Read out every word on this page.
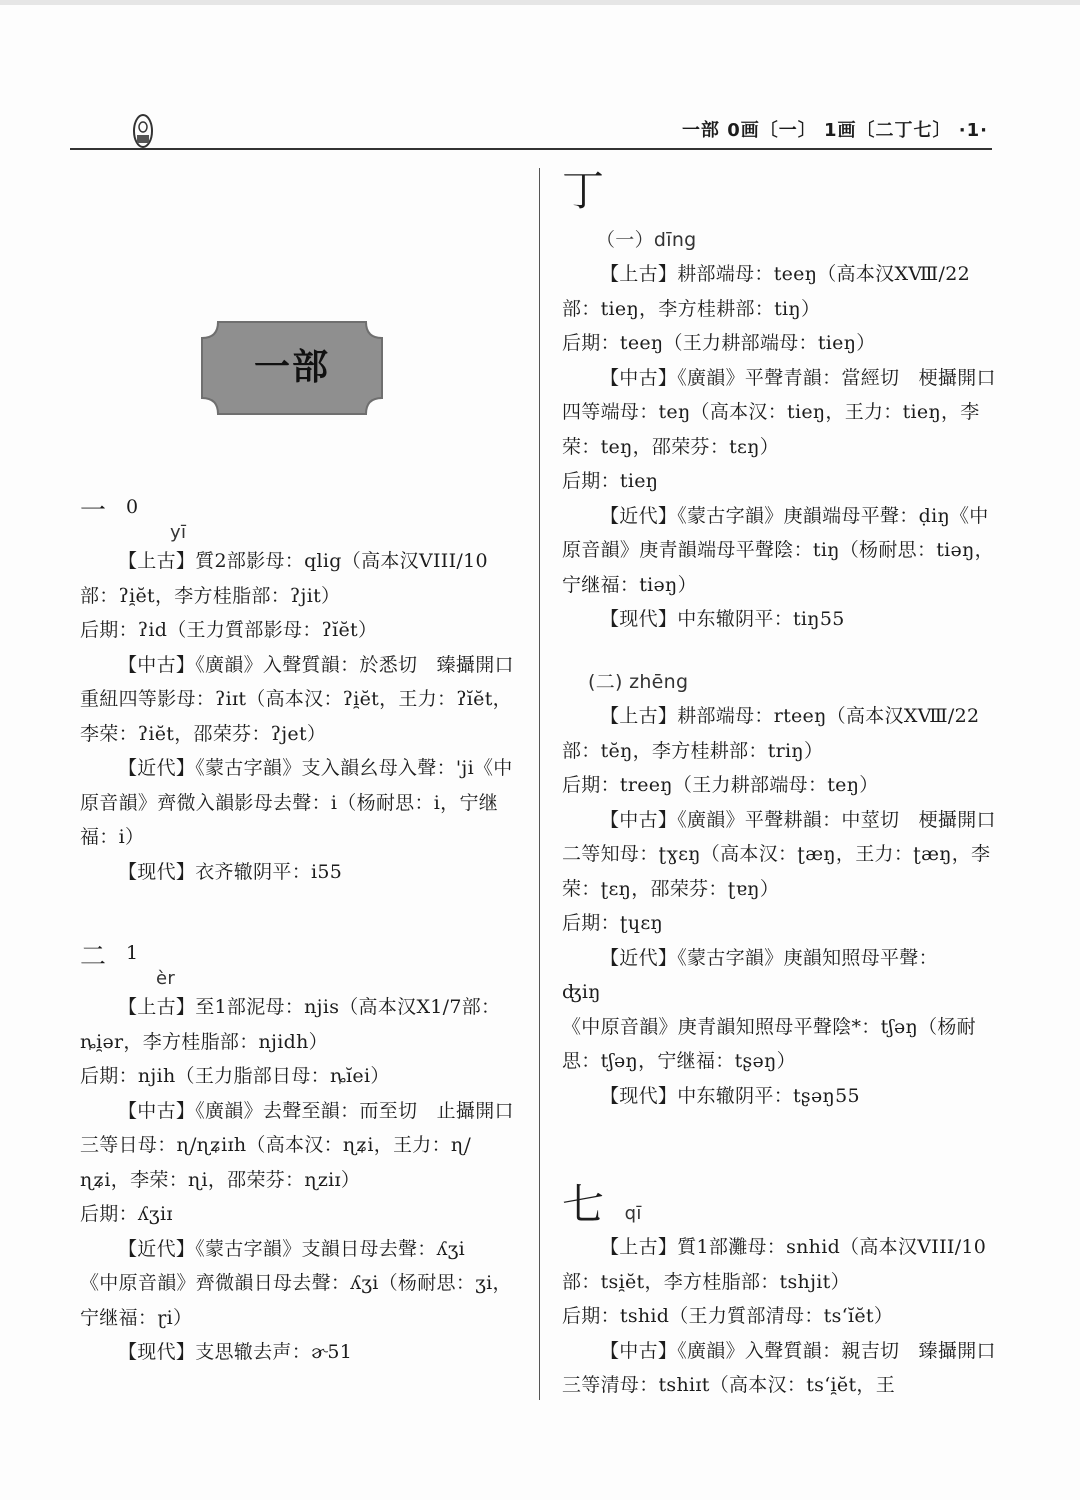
一部 0画〔一〕 1画〔二丁七〕 ·1·
一部
一 0
yī

【上古】質2部影母：qlig（高本汉VIII/10部：ʔi̯ĕt，李方桂脂部：ʔjit）

后期：ʔid（王力質部影母：ʔĭĕt）

【中古】《廣韻》入聲質韻：於悉切　臻攝開口重紐四等影母：ʔiɪt（高本汉：ʔi̯ĕt，王力：ʔĭĕt，李荣：ʔiĕt，邵荣芬：ʔjet）

【近代】《蒙古字韻》支入韻幺母入聲：'ji《中原音韻》齊微入韻影母去聲：i（杨耐思：i，宁继福：i）

【现代】衣齐辙阴平：i55

二 1
èr

【上古】至1部泥母：njis（高本汉X1/7部：ȵi̯ər，李方桂脂部：njidh）

后期：njih（王力脂部日母：ȵĭei）

【中古】《廣韻》去聲至韻：而至切　止攝開口三等日母：ɳ/ɳʑiɪh（高本汉：ɳʑi，王力：ɳ/ɳʑi，李荣：ɳi，邵荣芬：ɳziɪ）

后期：ʎʒiɪ

【近代】《蒙古字韻》支韻日母去聲：ʎʒi

《中原音韻》齊微韻日母去聲：ʎʒi（杨耐思：ʒi，宁继福：ɽi）

【现代】支思辙去声：ɚ51

丁

（一）dīng

【上古】耕部端母：teeŋ（高本汉XⅧ/22部：tieŋ，李方桂耕部：tiŋ）

后期：teeŋ（王力耕部端母：tieŋ）

【中古】《廣韻》平聲青韻：當經切　梗攝開口四等端母：teŋ（高本汉：tieŋ，王力：tieŋ，李荣：teŋ，邵荣芬：tɛŋ）

后期：tieŋ

【近代】《蒙古字韻》庚韻端母平聲：ḍiŋ《中原音韻》庚青韻端母平聲陰：tiŋ（杨耐思：tiəŋ，宁继福：tiəŋ）

【现代】中东辙阴平：tiŋ55

(二) zhēng

【上古】耕部端母：rteeŋ（高本汉XⅧ/22部：tĕŋ，李方桂耕部：triŋ）

后期：treeŋ（王力耕部端母：teŋ）

【中古】《廣韻》平聲耕韻：中莖切　梗攝開口二等知母：ʈɣɛŋ（高本汉：ʈæŋ，王力：ʈæŋ，李荣：ʈɛŋ，邵荣芬：ʈɐŋ）

后期：ʈɥɛŋ

【近代】《蒙古字韻》庚韻知照母平聲：

ʤiŋ

《中原音韻》庚青韻知照母平聲陰*：tʃəŋ（杨耐思：tʃəŋ，宁继福：tʂəŋ）

【现代】中东辙阴平：tʂəŋ55

七 qī

【上古】質1部灘母：snhid（高本汉VIII/10部：tsi̯ĕt，李方桂脂部：tshjit）

后期：tshid（王力質部清母：tsʻĭĕt）

【中古】《廣韻》入聲質韻：親吉切　臻攝開口三等清母：tshiɪt（高本汉：tsʻi̯ĕt，王
